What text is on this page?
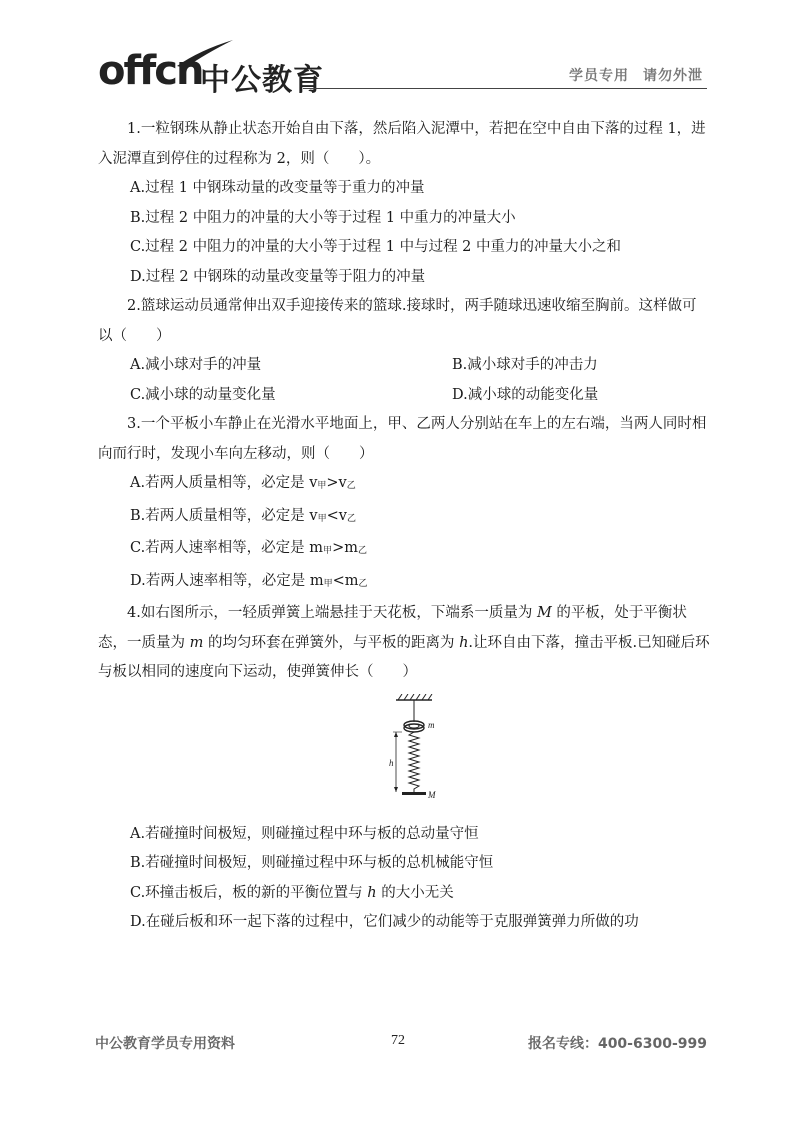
offcn
中公教育	学员专用 请勿外泄

1.一粒钢珠从静止状态开始自由下落，然后陷入泥潭中，若把在空中自由下落的过程 1，进入泥潭直到停住的过程称为 2，则（　　）。

A.过程 1 中钢珠动量的改变量等于重力的冲量

B.过程 2 中阻力的冲量的大小等于过程 1 中重力的冲量大小

C.过程 2 中阻力的冲量的大小等于过程 1 中与过程 2 中重力的冲量大小之和

D.过程 2 中钢珠的动量改变量等于阻力的冲量

2.篮球运动员通常伸出双手迎接传来的篮球.接球时，两手随球迅速收缩至胸前。这样做可以（　　）

A.减小球对手的冲量	B.减小球对手的冲击力
C.减小球的动量变化量	D.减小球的动能变化量

3.一个平板小车静止在光滑水平地面上，甲、乙两人分别站在车上的左右端，当两人同时相向而行时，发现小车向左移动，则（　　）

A.若两人质量相等，必定是 v甲>v乙

B.若两人质量相等，必定是 v甲<v乙

C.若两人速率相等，必定是 m甲>m乙

D.若两人速率相等，必定是 m甲<m乙

4.如右图所示，一轻质弹簧上端悬挂于天花板，下端系一质量为 M 的平板，处于平衡状态，一质量为 m 的均匀环套在弹簧外，与平板的距离为 h.让环自由下落，撞击平板.已知碰后环与板以相同的速度向下运动，使弹簧伸长（　　）

m
M
h

A.若碰撞时间极短，则碰撞过程中环与板的总动量守恒

B.若碰撞时间极短，则碰撞过程中环与板的总机械能守恒

C.环撞击板后，板的新的平衡位置与 h 的大小无关

D.在碰后板和环一起下落的过程中，它们减少的动能等于克服弹簧弹力所做的功

中公教育学员专用资料	72	报名专线：400-6300-999
